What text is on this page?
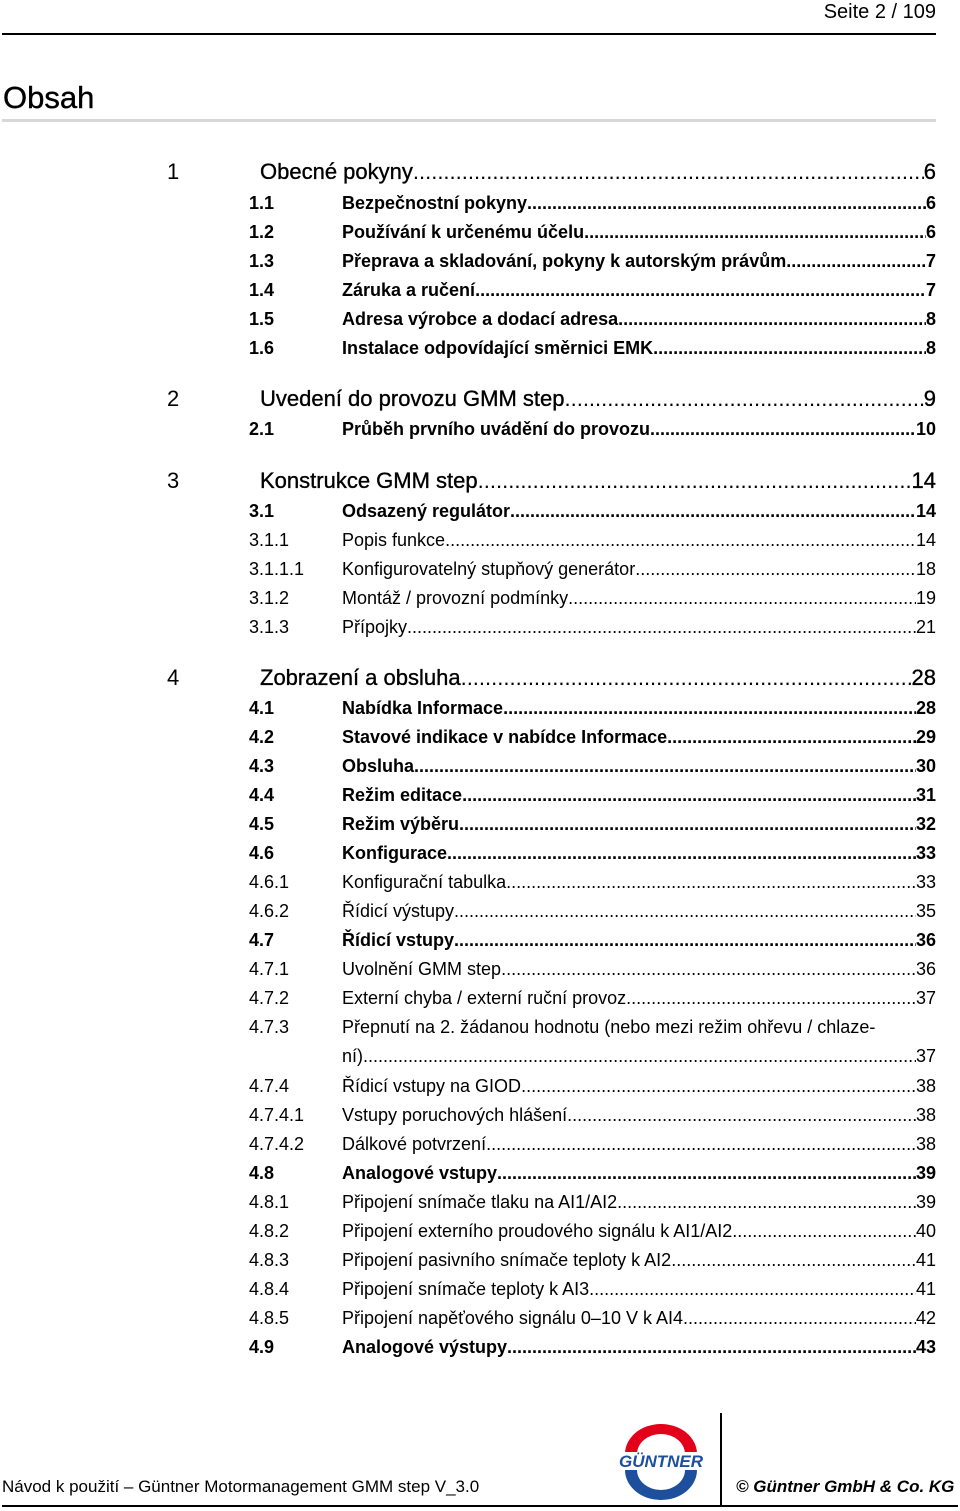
Seite 2 / 109
Obsah
1	Obecné pokyny .....	6
1.1	Bezpečnostní pokyny .....	6
1.2	Používání k určenému účelu .....	6
1.3	Přeprava a skladování, pokyny k autorským právům .....	7
1.4	Záruka a ručení .....	7
1.5	Adresa výrobce a dodací adresa .....	8
1.6	Instalace odpovídající směrnici EMK .....	8
2	Uvedení do provozu GMM step .....	9
2.1	Průběh prvního uvádění do provozu .....	10
3	Konstrukce GMM step .....	14
3.1	Odsazený regulátor .....	14
3.1.1	Popis funkce .....	14
3.1.1.1 Konfigurovatelný stupňový generátor .....	18
3.1.2	Montáž / provozní podmínky .....	19
3.1.3	Přípojky .....	21
4	Zobrazení a obsluha .....	28
4.1	Nabídka Informace .....	28
4.2	Stavové indikace v nabídce Informace .....	29
4.3	Obsluha .....	30
4.4	Režim editace .....	31
4.5	Režim výběru .....	32
4.6	Konfigurace .....	33
4.6.1	Konfigurační tabulka .....	33
4.6.2	Řídicí výstupy .....	35
4.7	Řídicí vstupy .....	36
4.7.1	Uvolnění GMM step .....	36
4.7.2	Externí chyba / externí ruční provoz .....	37
4.7.3	Přepnutí na 2. žádanou hodnotu (nebo mezi režim ohřevu / chlaze-
ní) .....	37
4.7.4	Řídicí vstupy na GIOD .....	38
4.7.4.1 Vstupy poruchových hlášení .....	38
4.7.4.2 Dálkové potvrzení .....	38
4.8	Analogové vstupy .....	39
4.8.1	Připojení snímače tlaku na AI1/AI2 .....	39
4.8.2	Připojení externího proudového signálu k AI1/AI2 .....	40
4.8.3	Připojení pasivního snímače teploty k AI2 .....	41
4.8.4	Připojení snímače teploty k AI3 .....	41
4.8.5	Připojení napěťového signálu 0–10 V k AI4 .....	42
4.9	Analogové výstupy .....	43
GÜNTNER
Návod k použití – Güntner Motormanagement GMM step V_3.0	© Güntner GmbH & Co. KG
